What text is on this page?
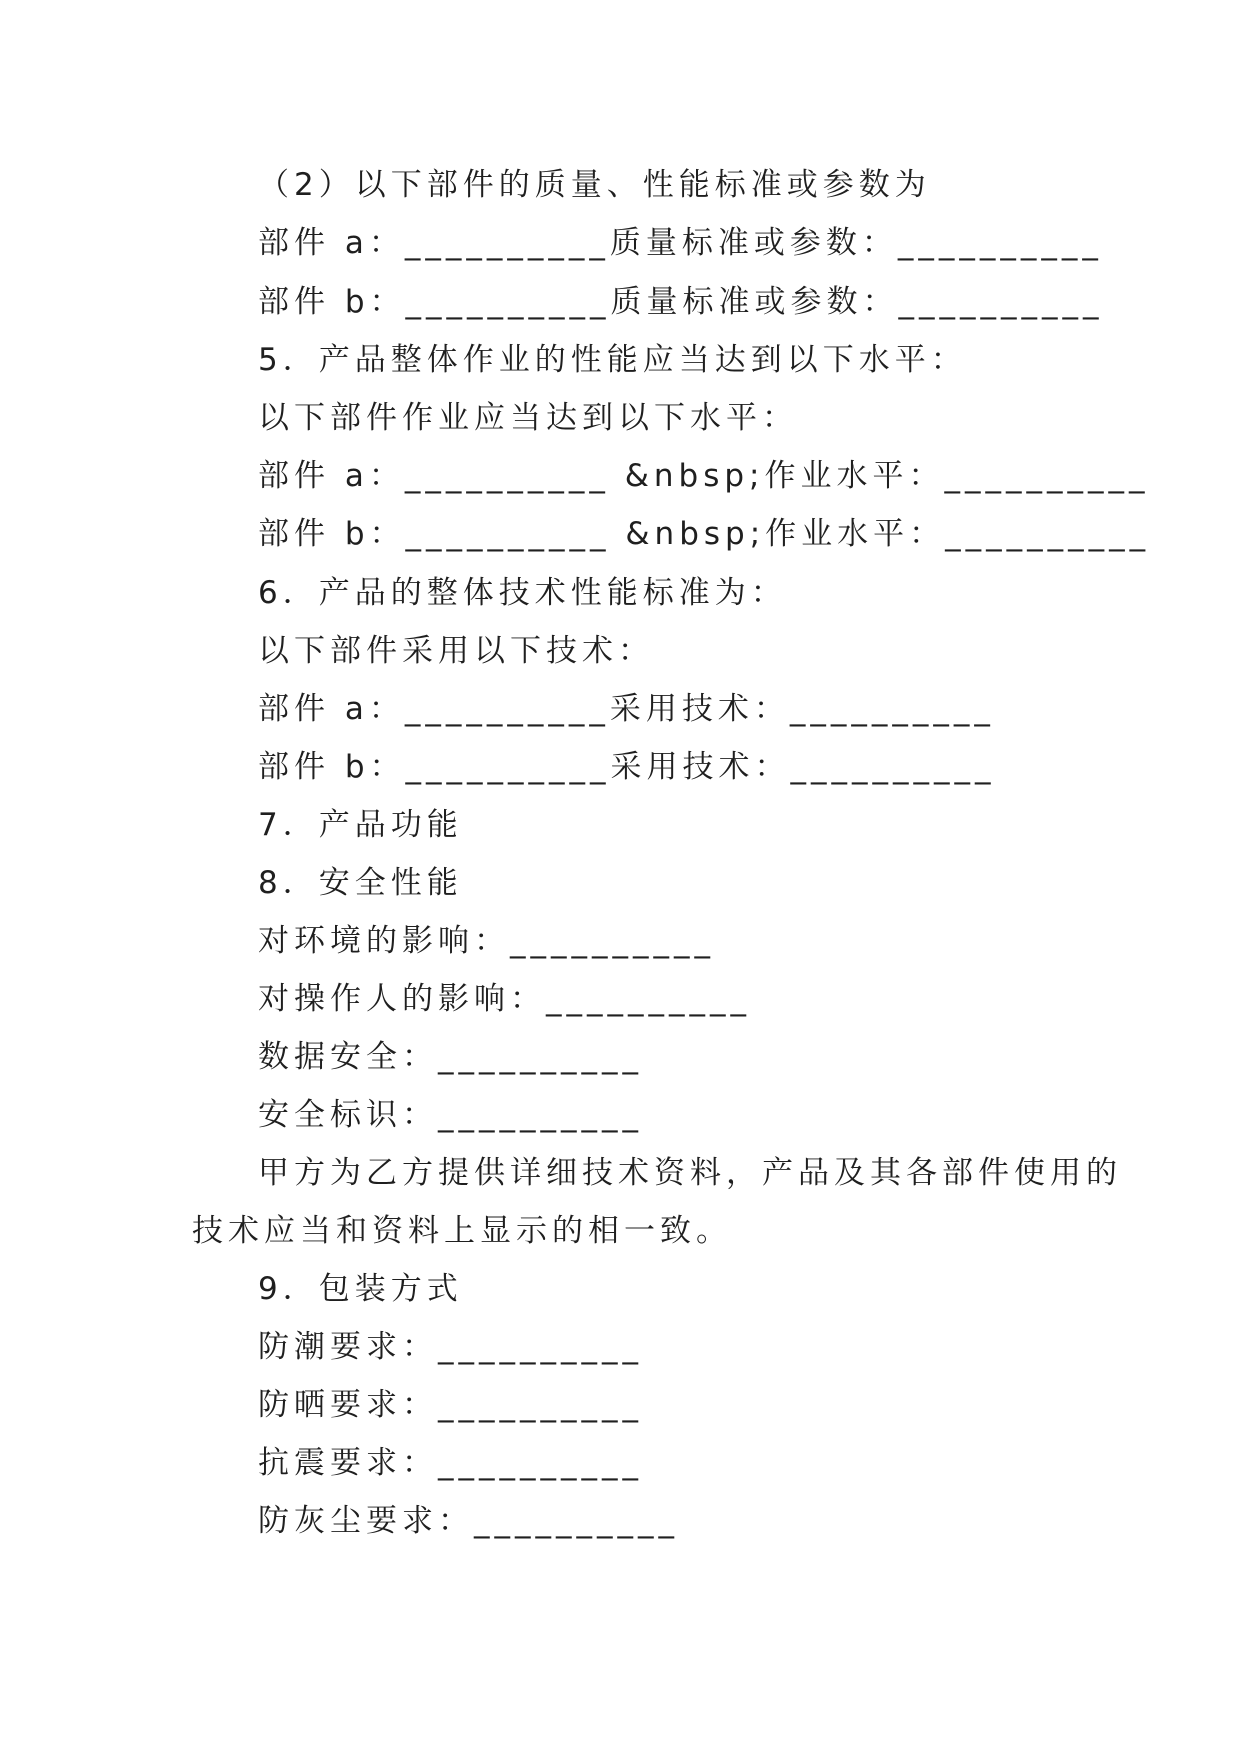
（2）以下部件的质量、性能标准或参数为
部件 a：__________质量标准或参数：__________
部件 b：__________质量标准或参数：__________
5．产品整体作业的性能应当达到以下水平：
以下部件作业应当达到以下水平：
部件 a：__________ &nbsp;作业水平：__________
部件 b：__________ &nbsp;作业水平：__________
6．产品的整体技术性能标准为：
以下部件采用以下技术：
部件 a：__________采用技术：__________
部件 b：__________采用技术：__________
7．产品功能
8．安全性能
对环境的影响：__________
对操作人的影响：__________
数据安全：__________
安全标识：__________
甲方为乙方提供详细技术资料，产品及其各部件使用的
技术应当和资料上显示的相一致。
9．包装方式
防潮要求：__________
防晒要求：__________
抗震要求：__________
防灰尘要求：__________
